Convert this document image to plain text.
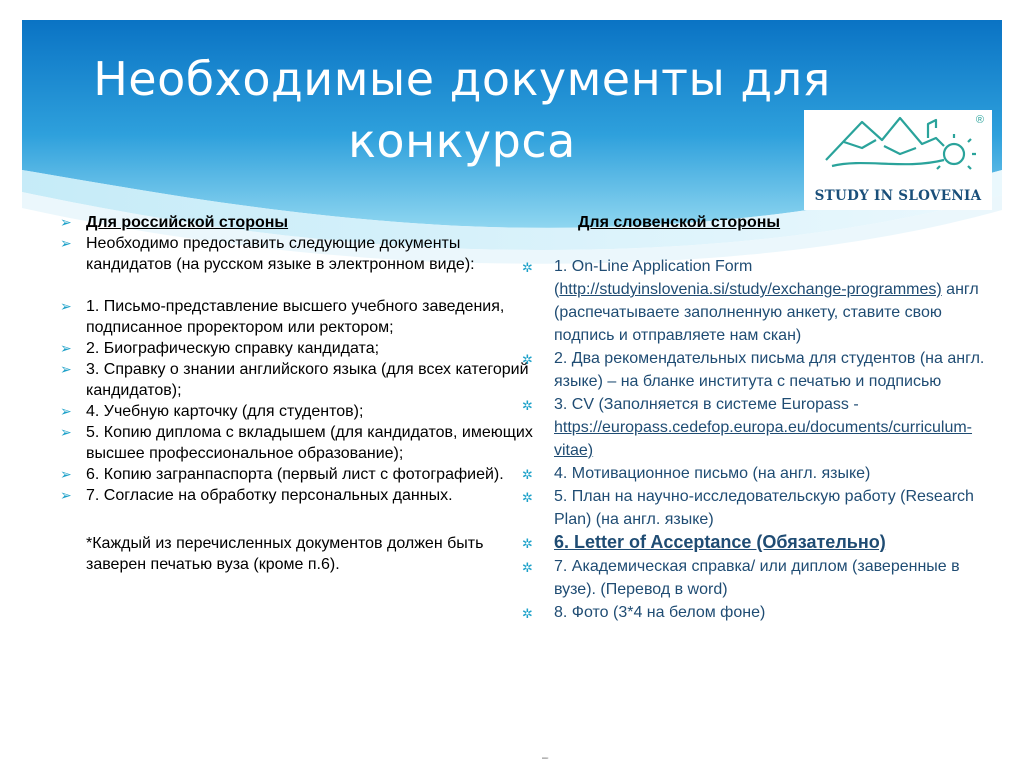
Необходимые документы для конкурса	®
STUDY IN SLOVENIA
➢ Для российской стороны
➢ Необходимо предоставить следующие документы кандидатов (на русском языке в электронном виде):
➢ 1. Письмо-представление высшего учебного заведения, подписанное проректором или ректором;
➢ 2. Биографическую справку кандидата;
➢ 3. Справку о знании английского языка (для всех категорий кандидатов);
➢ 4. Учебную карточку (для студентов);
➢ 5. Копию диплома с вкладышем (для кандидатов, имеющих высшее профессиональное образование);
➢ 6. Копию загранпаспорта (первый лист с фотографией).
➢ 7. Согласие на обработку персональных данных.
*Каждый из перечисленных документов должен быть заверен печатью вуза (кроме п.6).
Для словенской стороны
✲ 1. On-Line Application Form (http://studyinslovenia.si/study/exchange-programmes) англ (распечатываете заполненную анкету, ставите свою подпись и отправляете нам скан)
✲ 2. Два рекомендательных письма для студентов (на англ. языке) – на бланке института с печатью и подписью
✲ 3. CV (Заполняется в системе Europass - https://europass.cedefop.europa.eu/documents/curriculum-vitae)
✲ 4. Мотивационное письмо (на англ. языке)
✲ 5. План на научно-исследовательскую работу (Research Plan) (на англ. языке)
✲ 6. Letter of Acceptance (Обязательно)
✲ 7. Академическая справка/ или диплом (заверенные в вузе). (Перевод в word)
✲ 8. Фото (3*4 на белом фоне)
"""
